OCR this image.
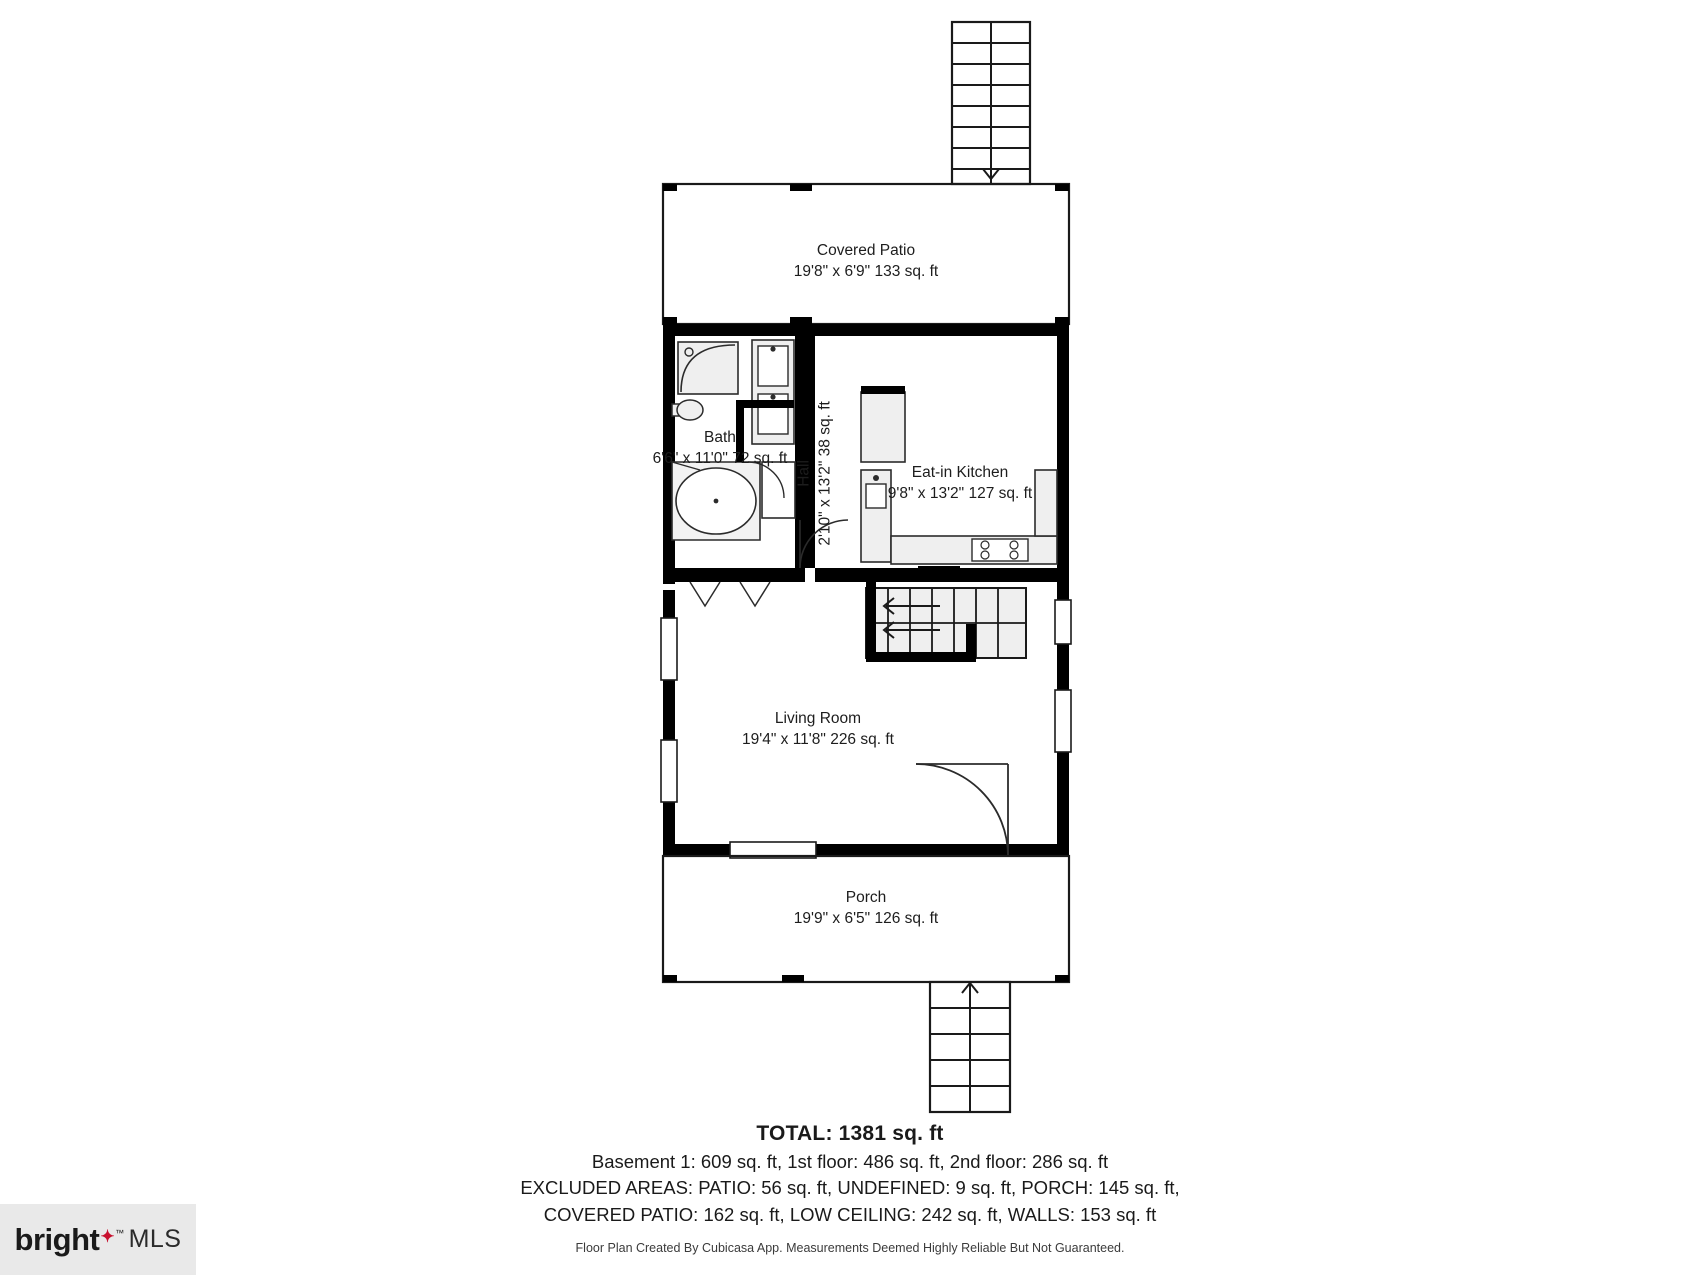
Covered Patio
19'8" x 6'9" 133 sq. ft
Bath
6'6" x 11'0" 72 sq. ft
Hall 2'10" x 13'2" 38 sq. ft	Eat-in Kitchen
9'8" x 13'2" 127 sq. ft
Living Room
19'4" x 11'8" 226 sq. ft
Porch
19'9" x 6'5" 126 sq. ft
TOTAL: 1381 sq. ft
Basement 1: 609 sq. ft, 1st floor: 486 sq. ft, 2nd floor: 286 sq. ft
EXCLUDED AREAS: PATIO: 56 sq. ft, UNDEFINED: 9 sq. ft, PORCH: 145 sq. ft,
COVERED PATIO: 162 sq. ft, LOW CEILING: 242 sq. ft, WALLS: 153 sq. ft
Floor Plan Created By Cubicasa App. Measurements Deemed Highly Reliable But Not Guaranteed.
bright✦™ MLS
